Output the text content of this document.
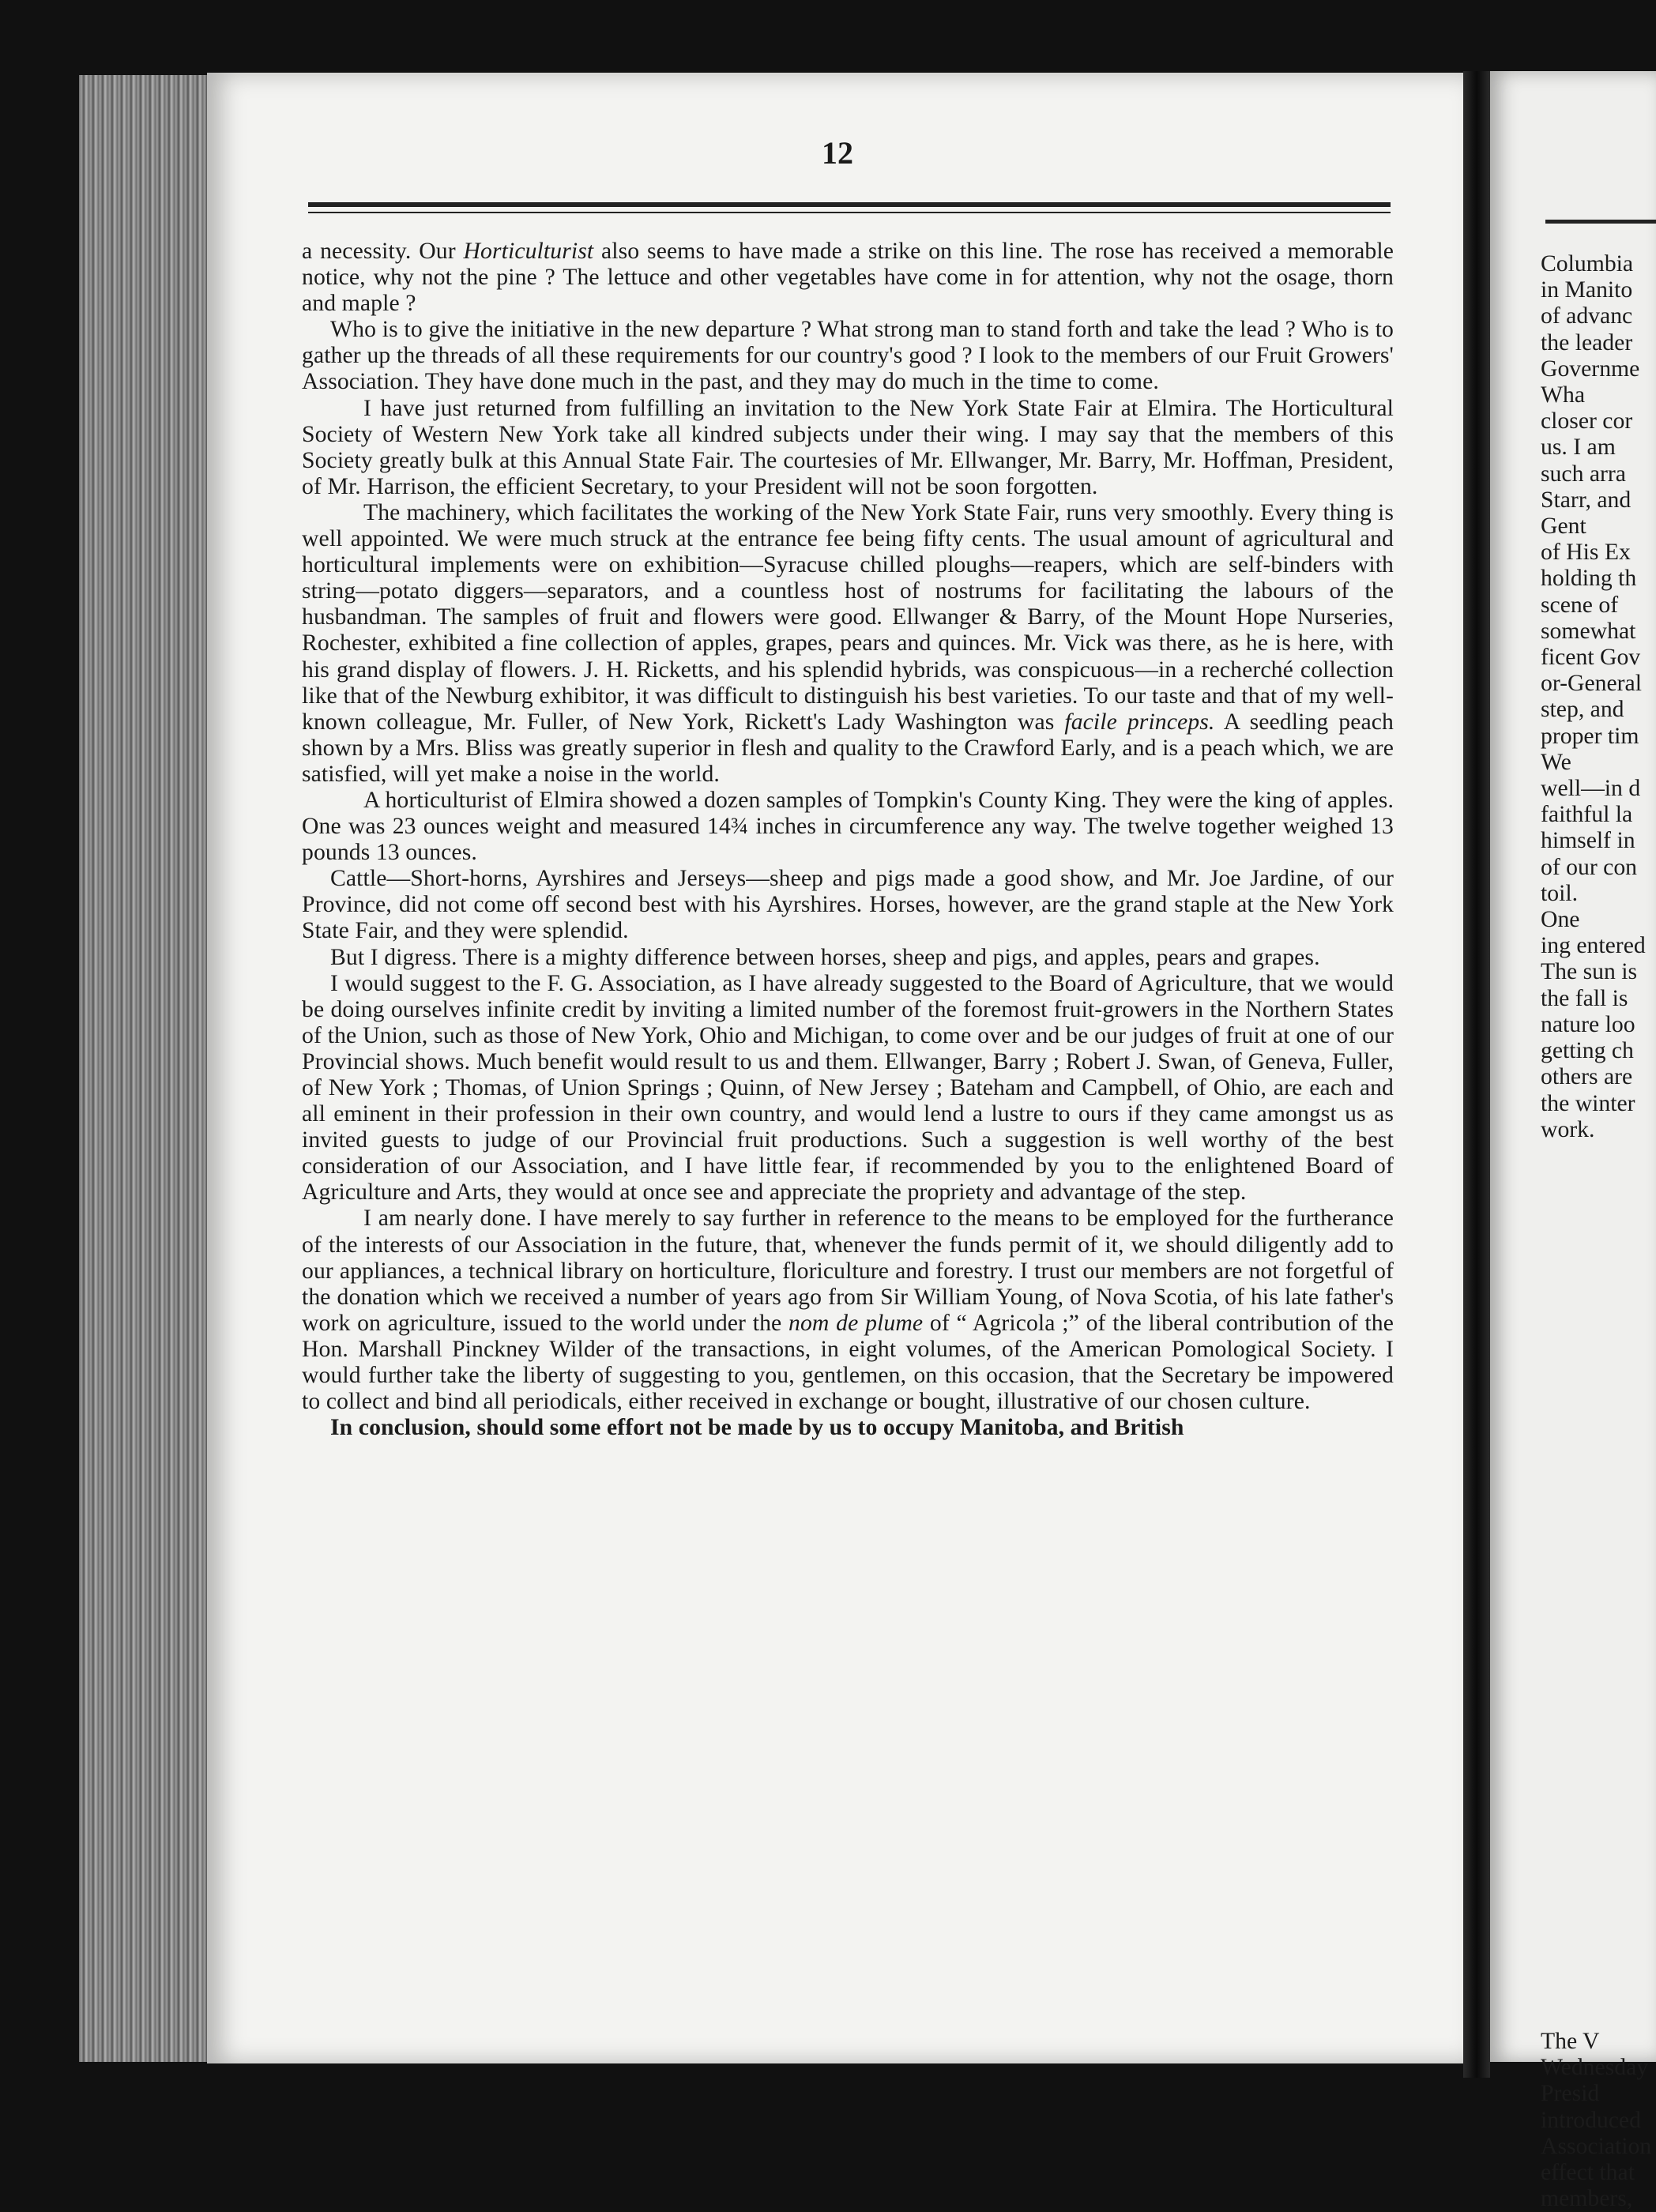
12

a necessity. Our Horticulturist also seems to have made a strike on this line. The rose has received a memorable notice, why not the pine ? The lettuce and other vegetables have come in for attention, why not the osage, thorn and maple ?

Who is to give the initiative in the new departure ? What strong man to stand forth and take the lead ? Who is to gather up the threads of all these requirements for our country's good ? I look to the members of our Fruit Growers' Association. They have done much in the past, and they may do much in the time to come.

I have just returned from fulfilling an invitation to the New York State Fair at Elmira. The Horticultural Society of Western New York take all kindred subjects under their wing. I may say that the members of this Society greatly bulk at this Annual State Fair. The courtesies of Mr. Ellwanger, Mr. Barry, Mr. Hoffman, President, of Mr. Harrison, the efficient Secretary, to your President will not be soon forgotten.

The machinery, which facilitates the working of the New York State Fair, runs very smoothly. Every thing is well appointed. We were much struck at the entrance fee being fifty cents. The usual amount of agricultural and horticultural implements were on exhibition—Syracuse chilled ploughs—reapers, which are self-binders with string—potato diggers—separators, and a countless host of nostrums for facilitating the labours of the husbandman. The samples of fruit and flowers were good. Ellwanger & Barry, of the Mount Hope Nurseries, Rochester, exhibited a fine collection of apples, grapes, pears and quinces. Mr. Vick was there, as he is here, with his grand display of flowers. J. H. Ricketts, and his splendid hybrids, was conspicuous—in a recherché collection like that of the Newburg exhibitor, it was difficult to distinguish his best varieties. To our taste and that of my well-known colleague, Mr. Fuller, of New York, Rickett's Lady Washington was facile princeps. A seedling peach shown by a Mrs. Bliss was greatly superior in flesh and quality to the Crawford Early, and is a peach which, we are satisfied, will yet make a noise in the world.

A horticulturist of Elmira showed a dozen samples of Tompkin's County King. They were the king of apples. One was 23 ounces weight and measured 14¾ inches in circumference any way. The twelve together weighed 13 pounds 13 ounces.

Cattle—Short-horns, Ayrshires and Jerseys—sheep and pigs made a good show, and Mr. Joe Jardine, of our Province, did not come off second best with his Ayrshires. Horses, however, are the grand staple at the New York State Fair, and they were splendid.

But I digress. There is a mighty difference between horses, sheep and pigs, and apples, pears and grapes.

I would suggest to the F. G. Association, as I have already suggested to the Board of Agriculture, that we would be doing ourselves infinite credit by inviting a limited number of the foremost fruit-growers in the Northern States of the Union, such as those of New York, Ohio and Michigan, to come over and be our judges of fruit at one of our Provincial shows. Much benefit would result to us and them. Ellwanger, Barry ; Robert J. Swan, of Geneva, Fuller, of New York ; Thomas, of Union Springs ; Quinn, of New Jersey ; Bateham and Campbell, of Ohio, are each and all eminent in their profession in their own country, and would lend a lustre to ours if they came amongst us as invited guests to judge of our Provincial fruit productions. Such a suggestion is well worthy of the best consideration of our Association, and I have little fear, if recommended by you to the enlightened Board of Agriculture and Arts, they would at once see and appreciate the propriety and advantage of the step.

I am nearly done. I have merely to say further in reference to the means to be employed for the furtherance of the interests of our Association in the future, that, whenever the funds permit of it, we should diligently add to our appliances, a technical library on horticulture, floriculture and forestry. I trust our members are not forgetful of the donation which we received a number of years ago from Sir William Young, of Nova Scotia, of his late father's work on agriculture, issued to the world under the nom de plume of “ Agricola ;” of the liberal contribution of the Hon. Marshall Pinckney Wilder of the transactions, in eight volumes, of the American Pomological Society. I would further take the liberty of suggesting to you, gentlemen, on this occasion, that the Secretary be impowered to collect and bind all periodicals, either received in exchange or bought, illustrative of our chosen culture.

In conclusion, should some effort not be made by us to occupy Manitoba, and British

Columbia
in Manito
of advanc
the leader
Governme
Wha
closer cor
us. I am
such arra
Starr, and
Gent
of His Ex
holding th
scene of
somewhat
ficent Gov
or-General
step, and
proper tim
We
well—in d
faithful la
himself in
of our con
toil.
One
ing entered
The sun is
the fall is
nature loo
getting ch
others are
the winter
work.
The V
Wednesday
Presid
introduced
Association
effect that
members,
